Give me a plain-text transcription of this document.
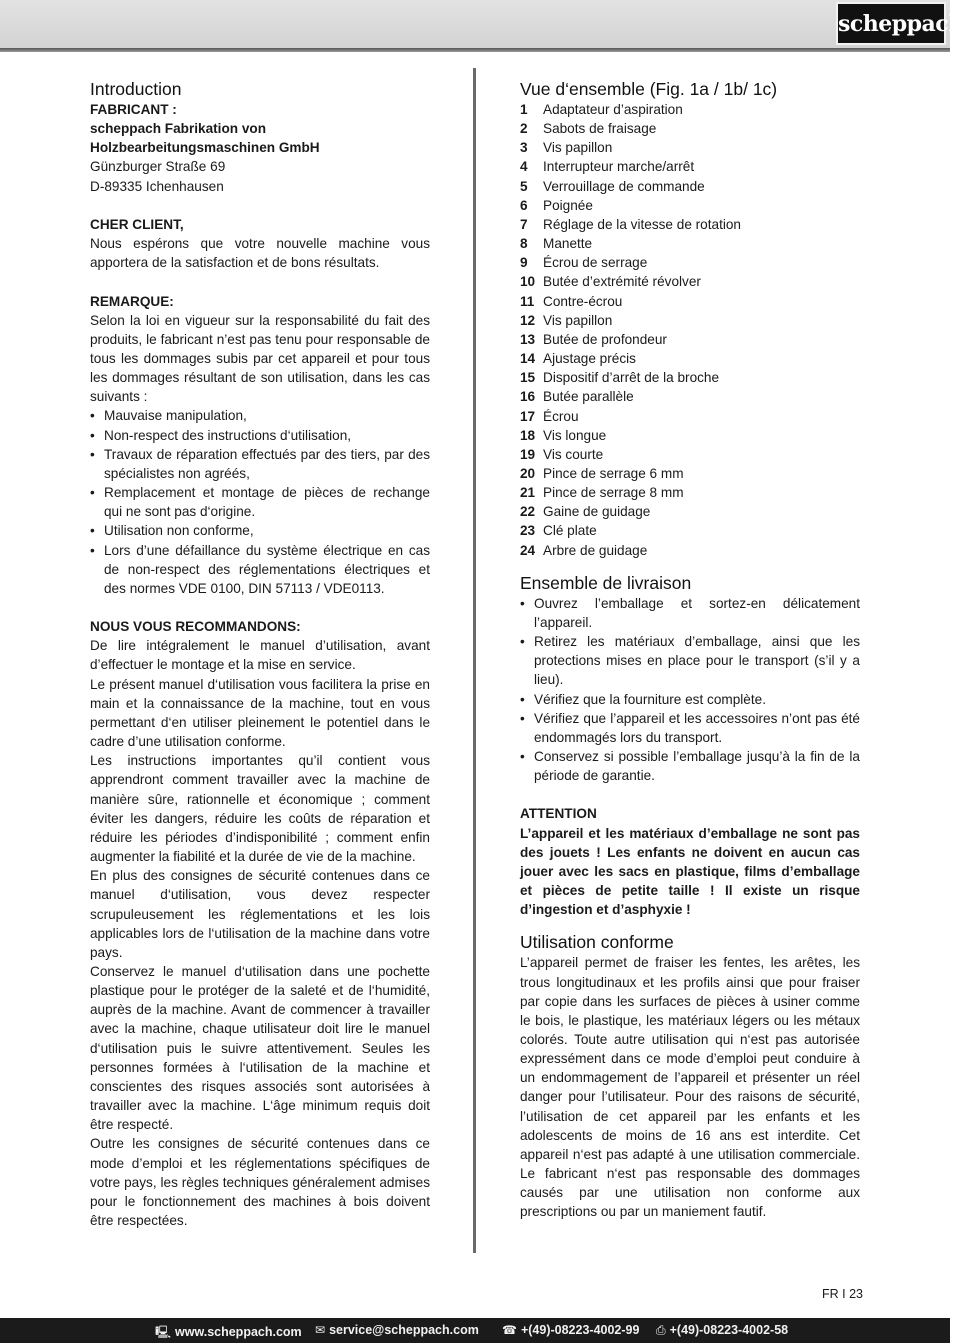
scheppach
Introduction

FABRICANT :

scheppach Fabrikation von

Holzbearbeitungsmaschinen GmbH

Günzburger Straße 69

D-89335 Ichenhausen

CHER CLIENT,

Nous espérons que votre nouvelle machine vous apportera de la satisfaction et de bons résultats.

REMARQUE:

Selon la loi en vigueur sur la responsabilité du fait des produits, le fabricant n’est pas tenu pour responsable de tous les dommages subis par cet appareil et pour tous les dommages résultant de son utilisation, dans les cas suivants :

• Mauvaise manipulation,
• Non-respect des instructions d‘utilisation,
• Travaux de réparation effectués par des tiers, par des spécialistes non agréés,
• Remplacement et montage de pièces de rechange qui ne sont pas d‘origine.
• Utilisation non conforme,
• Lors d’une défaillance du système électrique en cas de non-respect des réglementations électriques et des normes VDE 0100, DIN 57113 / VDE0113.

NOUS VOUS RECOMMANDONS:

De lire intégralement le manuel d’utilisation, avant d’effectuer le montage et la mise en service.

Le présent manuel d‘utilisation vous facilitera la prise en main et la connaissance de la machine, tout en vous permettant d‘en utiliser pleinement le potentiel dans le cadre d’une utilisation conforme.

Les instructions importantes qu’il contient vous apprendront comment travailler avec la machine de manière sûre, rationnelle et économique ; comment éviter les dangers, réduire les coûts de réparation et réduire les périodes d’indisponibilité ; comment enfin augmenter la fiabilité et la durée de vie de la machine.

En plus des consignes de sécurité contenues dans ce manuel d‘utilisation, vous devez respecter scrupuleusement les réglementations et les lois applicables lors de l‘utilisation de la machine dans votre pays.

Conservez le manuel d‘utilisation dans une pochette plastique pour le protéger de la saleté et de l‘humidité, auprès de la machine. Avant de commencer à travailler avec la machine, chaque utilisateur doit lire le manuel d‘utilisation puis le suivre attentivement. Seules les personnes formées à l‘utilisation de la machine et conscientes des risques associés sont autorisées à travailler avec la machine. L‘âge minimum requis doit être respecté.

Outre les consignes de sécurité contenues dans ce mode d’emploi et les réglementations spécifiques de votre pays, les règles techniques généralement admises pour le fonctionnement des machines à bois doivent être respectées.

Vue d‘ensemble (Fig. 1a / 1b/ 1c)
1	Adaptateur d’aspiration
2	Sabots de fraisage
3	Vis papillon
4	Interrupteur marche/arrêt
5	Verrouillage de commande
6	Poignée
7	Réglage de la vitesse de rotation
8	Manette
9	Écrou de serrage
10 Butée d’extrémité révolver
11 Contre-écrou
12 Vis papillon
13 Butée de profondeur
14 Ajustage précis
15 Dispositif d’arrêt de la broche
16 Butée parallèle
17 Écrou
18 Vis longue
19 Vis courte
20 Pince de serrage 6 mm
21 Pince de serrage 8 mm
22 Gaine de guidage
23 Clé plate
24 Arbre de guidage
Ensemble de livraison
• Ouvrez l’emballage et sortez-en délicatement l’appareil.
• Retirez les matériaux d’emballage, ainsi que les protections mises en place pour le transport (s’il y a lieu).
• Vérifiez que la fourniture est complète.
• Vérifiez que l’appareil et les accessoires n’ont pas été endommagés lors du transport.
• Conservez si possible l’emballage jusqu’à la fin de la période de garantie.

ATTENTION

L’appareil et les matériaux d’emballage ne sont pas des jouets ! Les enfants ne doivent en aucun cas jouer avec les sacs en plastique, films d’emballage et pièces de petite taille ! Il existe un risque d’ingestion et d’asphyxie !

Utilisation conforme

L’appareil permet de fraiser les fentes, les arêtes, les trous longitudinaux et les profils ainsi que pour fraiser par copie dans les surfaces de pièces à usiner comme le bois, le plastique, les matériaux légers ou les métaux colorés. Toute autre utilisation qui n‘est pas autorisée expressément dans ce mode d’emploi peut conduire à un endommagement de l’appareil et présenter un réel danger pour l’utilisateur. Pour des raisons de sécurité, l’utilisation de cet appareil par les enfants et les adolescents de moins de 16 ans est interdite. Cet appareil n‘est pas adapté à une utilisation commerciale. Le fabricant n‘est pas responsable des dommages causés par une utilisation non conforme aux prescriptions ou par un maniement fautif.

FR I 23
🖳 www.scheppach.com ✉ service@scheppach.com ☎ +(49)-08223-4002-99 ⎙ +(49)-08223-4002-58
